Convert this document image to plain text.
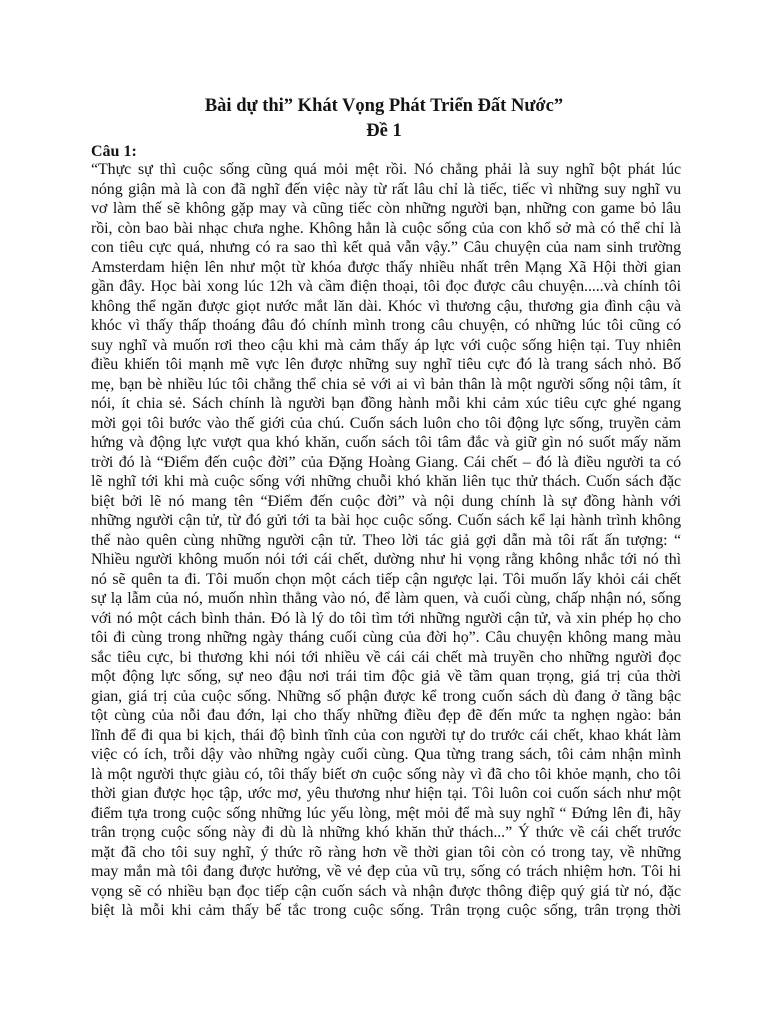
Bài dự thi” Khát Vọng Phát Triển Đất Nước”
Đề 1

Câu 1:

“Thực sự thì cuộc sống cũng quá mỏi mệt rồi. Nó chẳng phải là suy nghĩ bột phát lúc
nóng giận mà là con đã nghĩ đến việc này từ rất lâu chỉ là tiếc, tiếc vì những suy nghĩ vu
vơ làm thế sẽ không gặp may và cũng tiếc còn những người bạn, những con game bỏ lâu
rồi, còn bao bài nhạc chưa nghe. Không hẳn là cuộc sống của con khổ sở mà có thể chỉ là
con tiêu cực quá, nhưng có ra sao thì kết quả vẫn vậy.” Câu chuyện của nam sinh trường
Amsterdam hiện lên như một từ khóa được thấy nhiều nhất trên Mạng Xã Hội thời gian
gần đây. Học bài xong lúc 12h và cầm điện thoại, tôi đọc được câu chuyện.....và chính tôi
không thể ngăn được giọt nước mắt lăn dài. Khóc vì thương cậu, thương gia đình cậu và
khóc vì thấy thấp thoáng đâu đó chính mình trong câu chuyện, có những lúc tôi cũng có
suy nghĩ và muốn rơi theo cậu khi mà cảm thấy áp lực với cuộc sống hiện tại. Tuy nhiên
điều khiến tôi mạnh mẽ vực lên được những suy nghĩ tiêu cực đó là trang sách nhỏ. Bố
mẹ, bạn bè nhiều lúc tôi chẳng thể chia sẻ với ai vì bản thân là một người sống nội tâm, ít
nói, ít chia sẻ. Sách chính là người bạn đồng hành mỗi khi cảm xúc tiêu cực ghé ngang
mời gọi tôi bước vào thế giới của chú. Cuốn sách luôn cho tôi động lực sống, truyền cảm
hứng và động lực vượt qua khó khăn, cuốn sách tôi tâm đắc và giữ gìn nó suốt mấy năm
trời đó là “Điểm đến cuộc đời” của Đặng Hoàng Giang. Cái chết – đó là điều người ta có
lẽ nghĩ tới khi mà cuộc sống với những chuỗi khó khăn liên tục thử thách. Cuốn sách đặc
biệt bởi lẽ nó mang tên “Điểm đến cuộc đời” và nội dung chính là sự đồng hành với
những người cận tử, từ đó gửi tới ta bài học cuộc sống. Cuốn sách kể lại hành trình không
thể nào quên cùng những người cận tử. Theo lời tác giả gợi dẫn mà tôi rất ấn tượng: “
Nhiều người không muốn nói tới cái chết, dường như hi vọng rằng không nhắc tới nó thì
nó sẽ quên ta đi. Tôi muốn chọn một cách tiếp cận ngược lại. Tôi muốn lấy khỏi cái chết
sự lạ lẫm của nó, muốn nhìn thẳng vào nó, để làm quen, và cuối cùng, chấp nhận nó, sống
với nó một cách bình thản. Đó là lý do tôi tìm tới những người cận tử, và xin phép họ cho
tôi đi cùng trong những ngày tháng cuối cùng của đời họ”. Câu chuyện không mang màu
sắc tiêu cực, bi thương khi nói tới nhiều về cái cái chết mà truyền cho những người đọc
một động lực sống, sự neo đậu nơi trái tim độc giả về tầm quan trọng, giá trị của thời
gian, giá trị của cuộc sống. Những số phận được kể trong cuốn sách dù đang ở tầng bậc
tột cùng của nỗi đau đớn, lại cho thấy những điều đẹp đẽ đến mức ta nghẹn ngào: bản
lĩnh để đi qua bi kịch, thái độ bình tĩnh của con người tự do trước cái chết, khao khát làm
việc có ích, trỗi dậy vào những ngày cuối cùng. Qua từng trang sách, tôi cảm nhận mình
là một người thực giàu có, tôi thấy biết ơn cuộc sống này vì đã cho tôi khỏe mạnh, cho tôi
thời gian được học tập, ước mơ, yêu thương như hiện tại. Tôi luôn coi cuốn sách như một
điểm tựa trong cuộc sống những lúc yếu lòng, mệt mỏi để mà suy nghĩ “ Đứng lên đi, hãy
trân trọng cuộc sống này đi dù là những khó khăn thử thách...” Ý thức về cái chết trước
mặt đã cho tôi suy nghĩ, ý thức rõ ràng hơn về thời gian tôi còn có trong tay, về những
may mắn mà tôi đang được hưởng, về vẻ đẹp của vũ trụ, sống có trách nhiệm hơn. Tôi hi
vọng sẽ có nhiều bạn đọc tiếp cận cuốn sách và nhận được thông điệp quý giá từ nó, đặc
biệt là mỗi khi cảm thấy bế tắc trong cuộc sống. Trân trọng cuộc sống, trân trọng thời
